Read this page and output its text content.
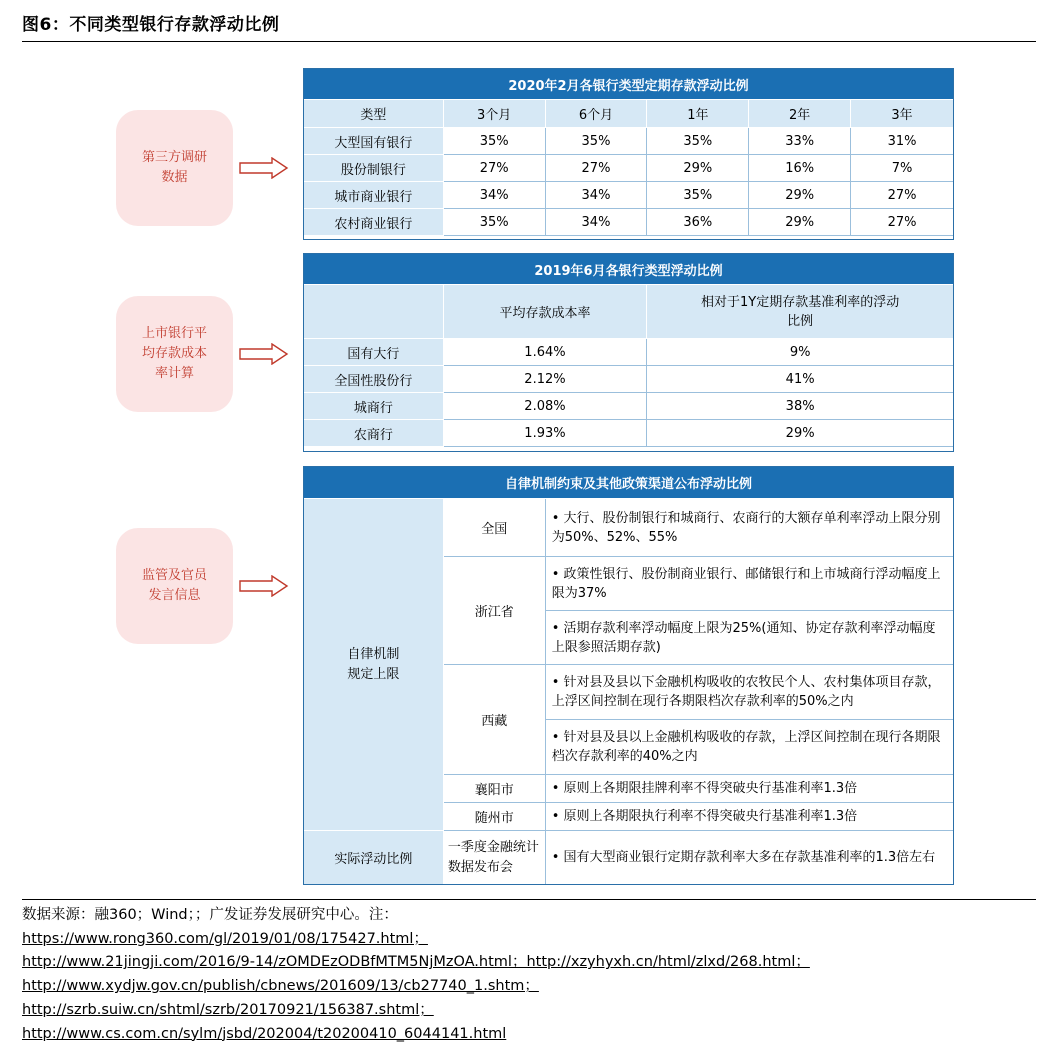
图6：不同类型银行存款浮动比例
第三方调研
数据
上市银行平
均存款成本
率计算
监管及官员
发言信息
2020年2月各银行类型定期存款浮动比例					
类型	3个月	6个月	1年	2年	3年
大型国有银行	35%	35%	35%	33%	31%
股份制银行	27%	27%	29%	16%	7%
城市商业银行	34%	34%	35%	29%	27%
农村商业银行	35%	34%	36%	29%	27%
2019年6月各银行类型浮动比例		
	平均存款成本率	相对于1Y定期存款基准利率的浮动比例

国有大行	1.64%	9%
全国性股份行	2.12%	41%
城商行	2.08%	38%
农商行	1.93%	29%
自律机制约束及其他政策渠道公布浮动比例		

自律机制规定上限	全国	• 大行、股份制银行和城商行、农商行的大额存单利率浮动上限分别为50%、52%、55%
	浙江省	• 政策性银行、股份制商业银行、邮储银行和上市城商行浮动幅度上限为37%
		• 活期存款利率浮动幅度上限为25%(通知、协定存款利率浮动幅度上限参照活期存款)
	西藏	• 针对县及县以下金融机构吸收的农牧民个人、农村集体项目存款，上浮区间控制在现行各期限档次存款利率的50%之内
		• 针对县及县以上金融机构吸收的存款，上浮区间控制在现行各期限档次存款利率的40%之内
	襄阳市	• 原则上各期限挂牌利率不得突破央行基准利率1.3倍
	随州市	• 原则上各期限执行利率不得突破央行基准利率1.3倍
实际浮动比例	一季度金融统计数据发布会	• 国有大型商业银行定期存款利率大多在存款基准利率的1.3倍左右
数据来源：融360；Wind；；广发证券发展研究中心。注：
https://www.rong360.com/gl/2019/01/08/175427.html；
http://www.21jingji.com/2016/9-14/zOMDEzODBfMTM5NjMzOA.html；http://xzyhyxh.cn/html/zlxd/268.html；
http://www.xydjw.gov.cn/publish/cbnews/201609/13/cb27740_1.shtm；
http://szrb.suiw.cn/shtml/szrb/20170921/156387.shtml；
http://www.cs.com.cn/sylm/jsbd/202004/t20200410_6044141.html
